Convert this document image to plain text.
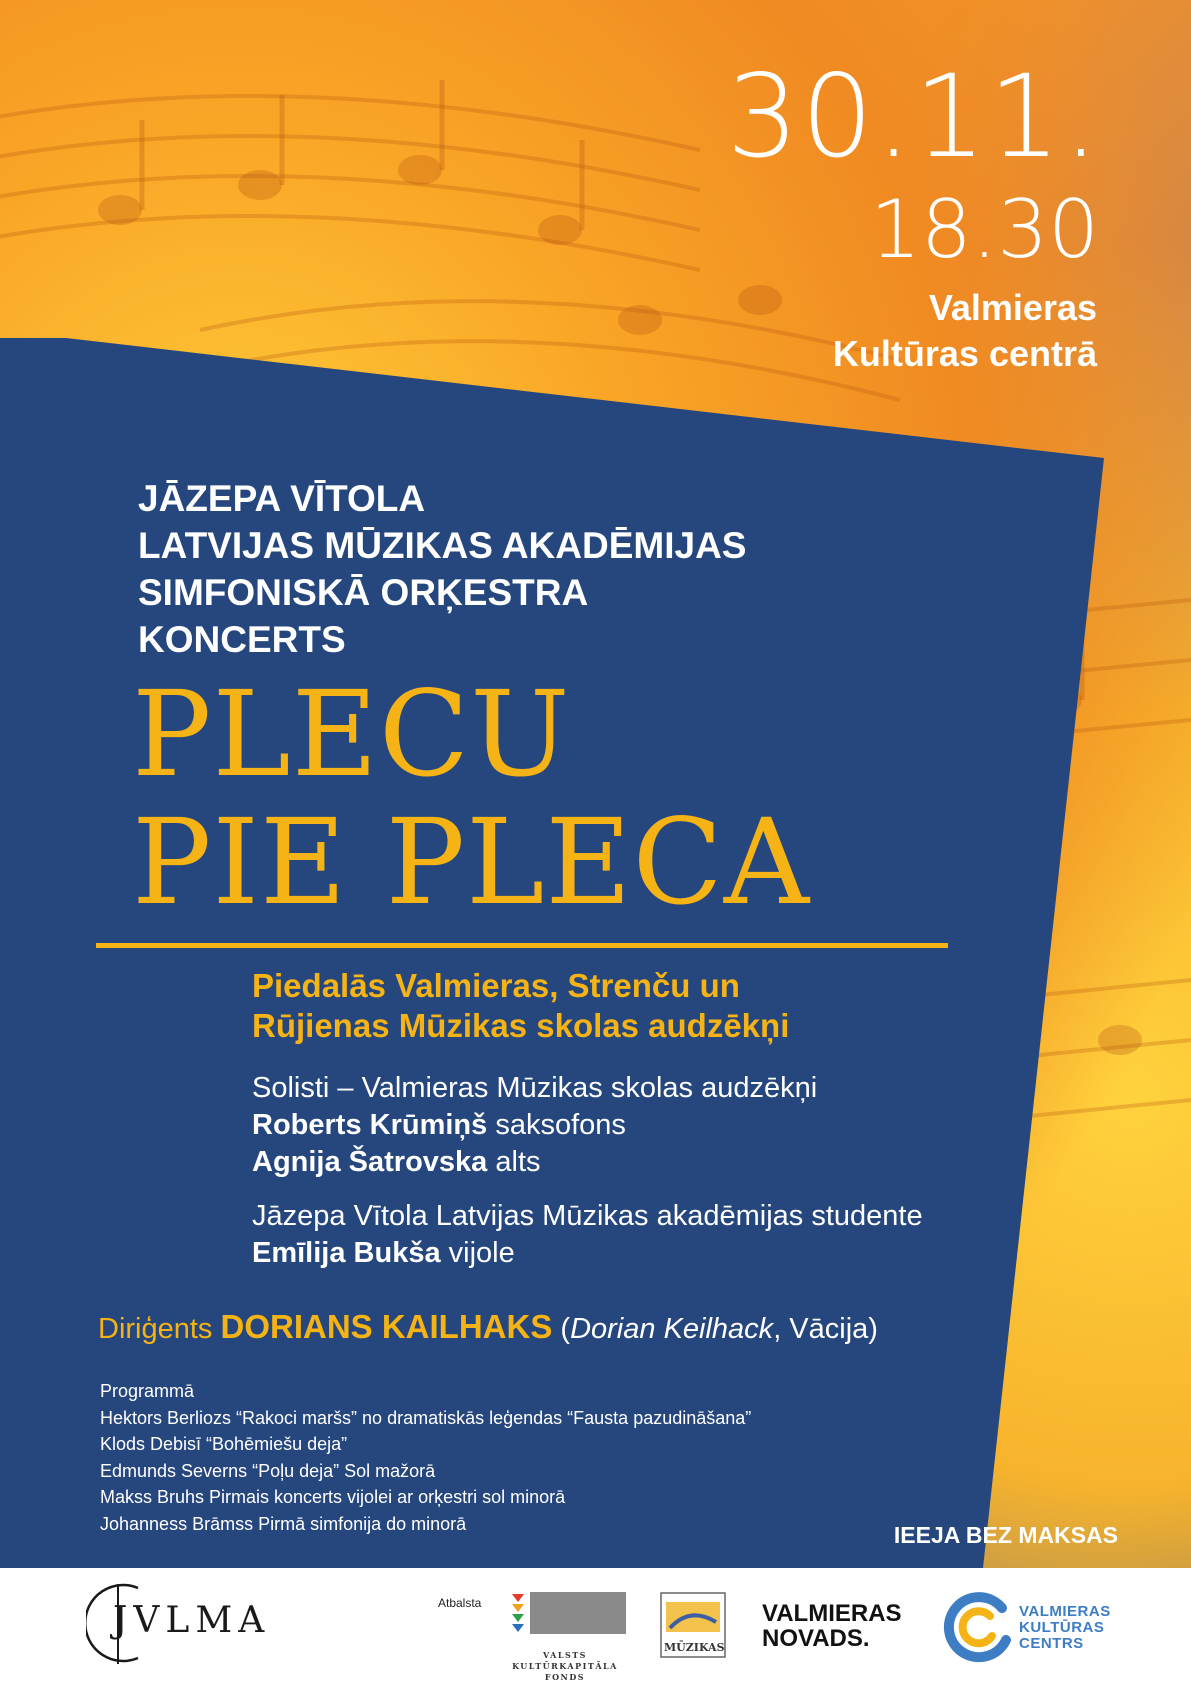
30.11.
18.30
Valmieras
Kultūras centrā
JĀZEPA VĪTOLA
LATVIJAS MŪZIKAS AKADĒMIJAS
SIMFONISKĀ ORĶESTRA
KONCERTS
PLECU
PIE PLECA
Piedalās Valmieras, Strenču un
Rūjienas Mūzikas skolas audzēkņi
Solisti – Valmieras Mūzikas skolas audzēkņi
Roberts Krūmiņš saksofons
Agnija Šatrovska alts
Jāzepa Vītola Latvijas Mūzikas akadēmijas studente
Emīlija Bukša vijole
Diriģents DORIANS KAILHAKS (Dorian Keilhack, Vācija)
Programmā
Hektors Berliozs “Rakoci maršs” no dramatiskās leģendas “Fausta pazudināšana”
Klods Debisī “Bohēmiešu deja”
Edmunds Severns “Poļu deja” Sol mažorā
Makss Bruhs Pirmais koncerts vijolei ar orķestri sol minorā
Johanness Brāmss Pirmā simfonija do minorā	IEEJA BEZ MAKSAS
JVLMA	Atbalsta
VALSTS KULTŪRKAPITĀLA FONDS
MŪZIKAS
VALMIERAS
NOVADS.
VALMIERAS
KULTŪRAS
CENTRS
